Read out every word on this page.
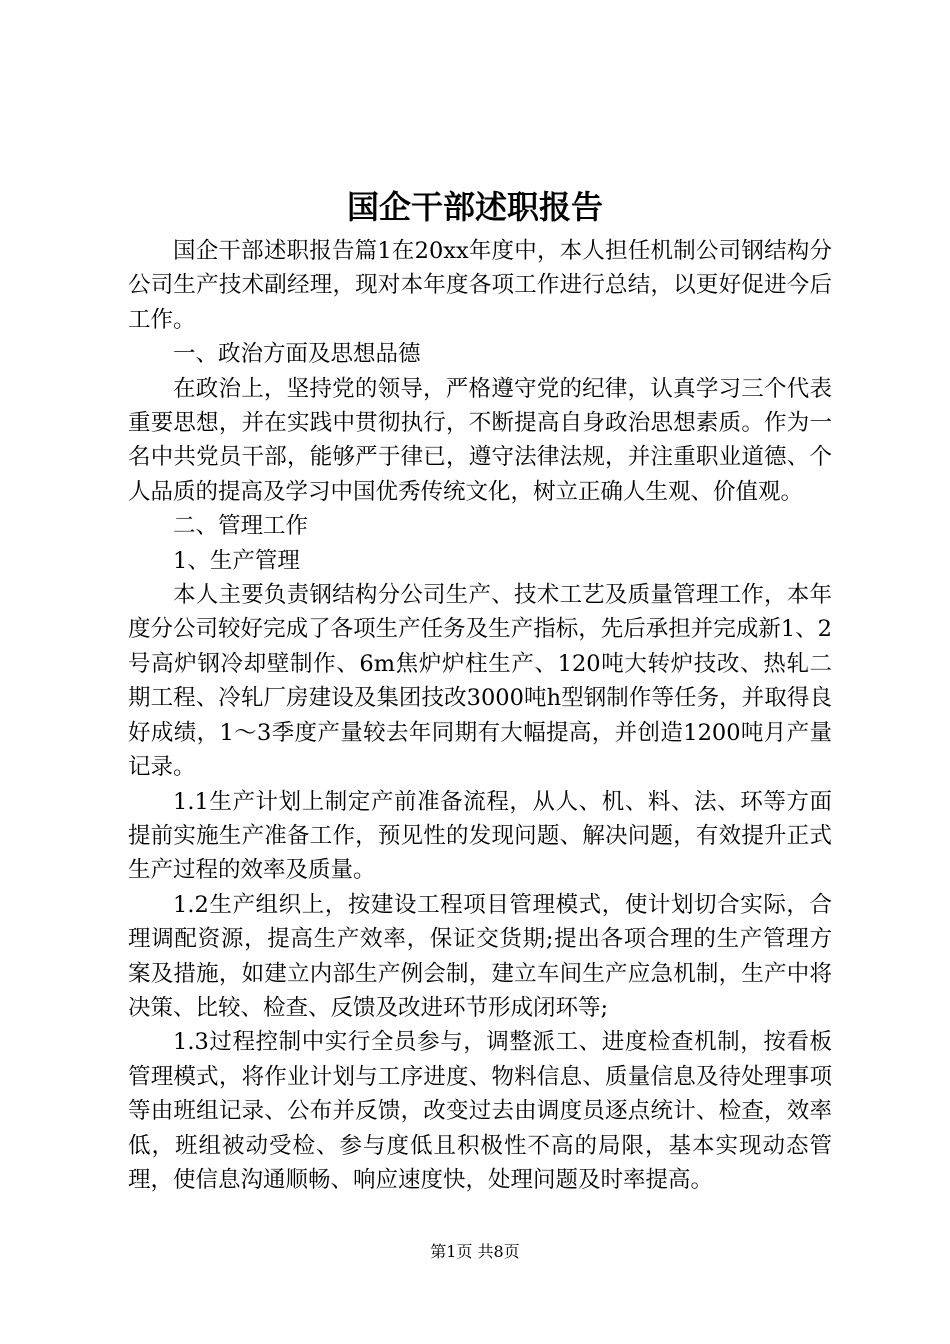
国企干部述职报告

国企干部述职报告篇1在20xx年度中，本人担任机制公司钢结构分公司生产技术副经理，现对本年度各项工作进行总结，以更好促进今后工作。

一、政治方面及思想品德

在政治上，坚持党的领导，严格遵守党的纪律，认真学习三个代表重要思想，并在实践中贯彻执行，不断提高自身政治思想素质。作为一名中共党员干部，能够严于律已，遵守法律法规，并注重职业道德、个人品质的提高及学习中国优秀传统文化，树立正确人生观、价值观。

二、管理工作

1、生产管理

本人主要负责钢结构分公司生产、技术工艺及质量管理工作，本年度分公司较好完成了各项生产任务及生产指标，先后承担并完成新1、2号高炉钢冷却壁制作、6m焦炉炉柱生产、120吨大转炉技改、热轧二期工程、冷轧厂房建设及集团技改3000吨h型钢制作等任务，并取得良好成绩，1～3季度产量较去年同期有大幅提高，并创造1200吨月产量记录。

1.1生产计划上制定产前准备流程，从人、机、料、法、环等方面提前实施生产准备工作，预见性的发现问题、解决问题，有效提升正式生产过程的效率及质量。

1.2生产组织上，按建设工程项目管理模式，使计划切合实际，合理调配资源，提高生产效率，保证交货期;提出各项合理的生产管理方案及措施，如建立内部生产例会制，建立车间生产应急机制，生产中将决策、比较、检查、反馈及改进环节形成闭环等;

1.3过程控制中实行全员参与，调整派工、进度检查机制，按看板管理模式，将作业计划与工序进度、物料信息、质量信息及待处理事项等由班组记录、公布并反馈，改变过去由调度员逐点统计、检查，效率低，班组被动受检、参与度低且积极性不高的局限，基本实现动态管理，使信息沟通顺畅、响应速度快，处理问题及时率提高。

第1页 共8页
